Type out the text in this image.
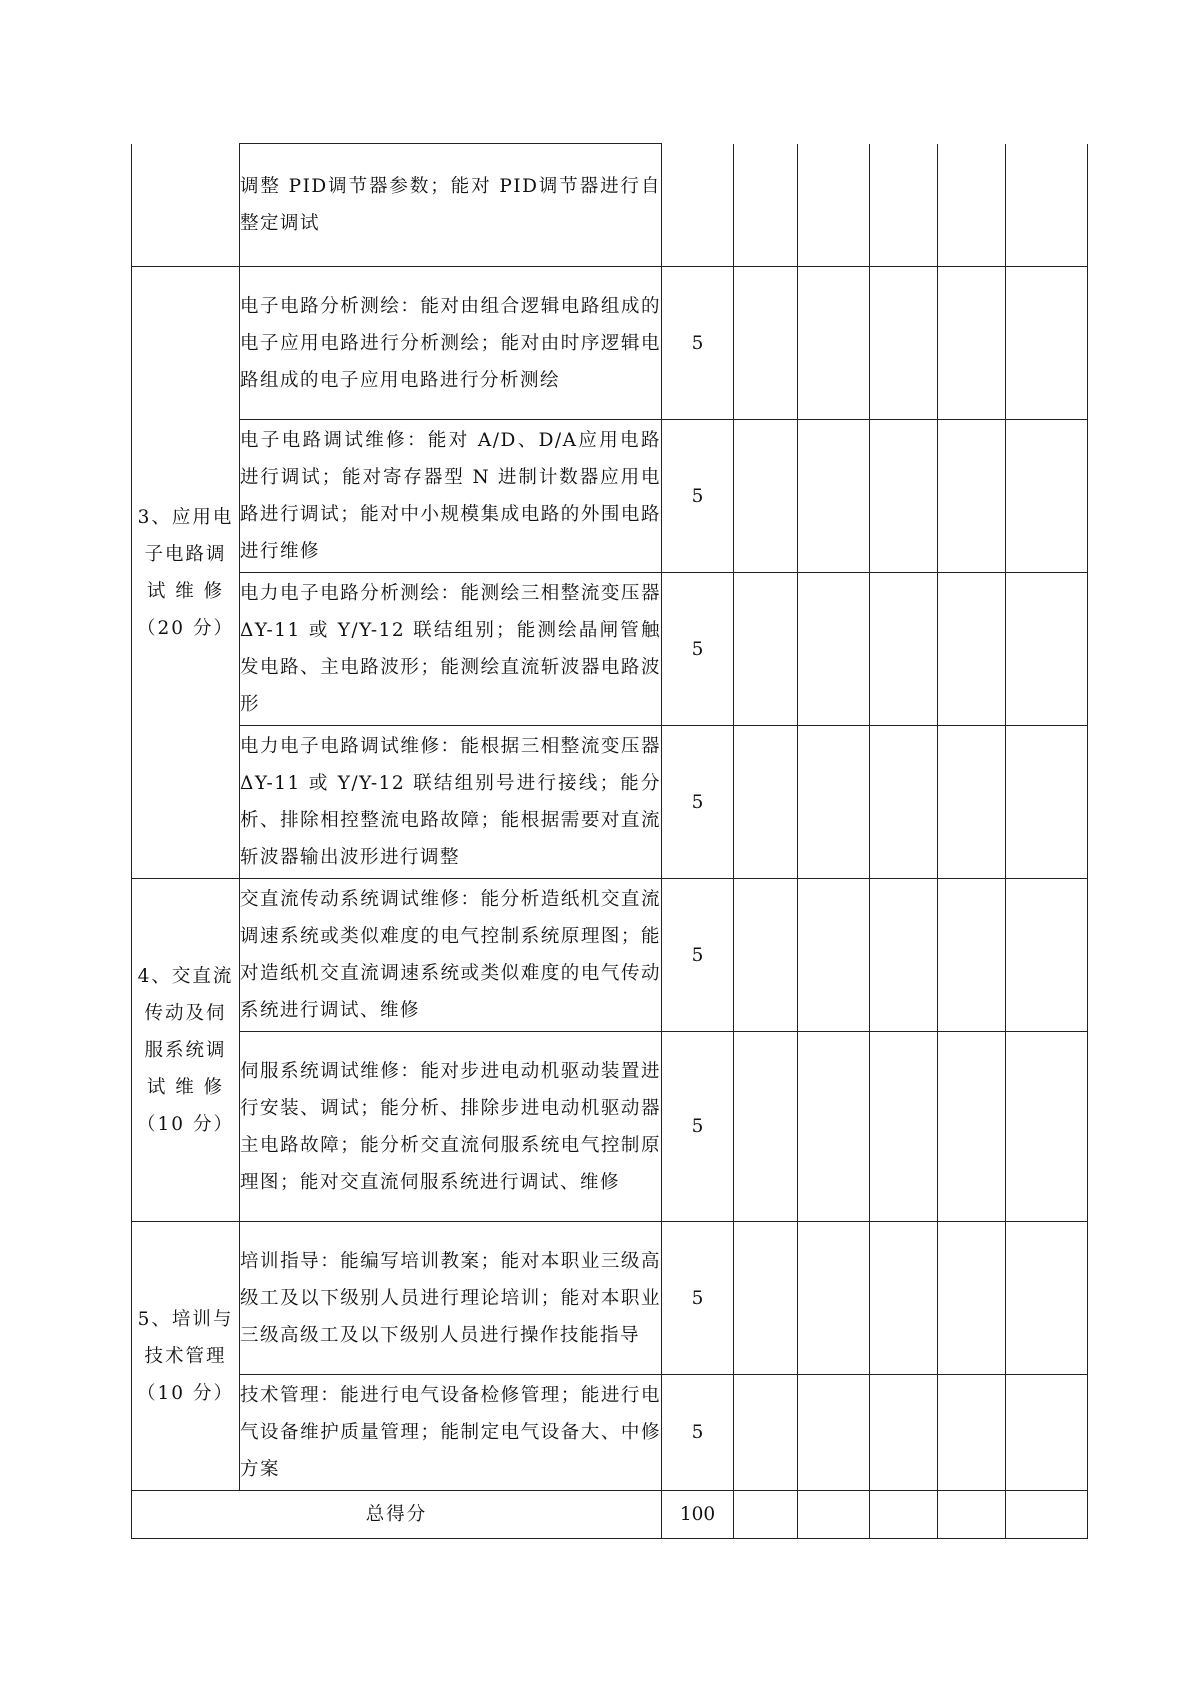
	调整 PID调节器参数；能对 PID调节器进行自整定调试						

3、应用电
子电路调
试 维 修
（20 分）	电子电路分析测绘：能对由组合逻辑电路组成的电子应用电路进行分析测绘；能对由时序逻辑电路组成的电子应用电路进行分析测绘	5					
	电子电路调试维修：能对 A/D、D/A应用电路进行调试；能对寄存器型 N 进制计数器应用电路进行调试；能对中小规模集成电路的外围电路进行维修	5					
	电力电子电路分析测绘：能测绘三相整流变压器ΔY-11 或 Y/Y-12 联结组别；能测绘晶闸管触发电路、主电路波形；能测绘直流斩波器电路波形	5					
	电力电子电路调试维修：能根据三相整流变压器ΔY-11 或 Y/Y-12 联结组别号进行接线；能分析、排除相控整流电路故障；能根据需要对直流斩波器输出波形进行调整	5					

4、交直流
传动及伺
服系统调
试 维 修
（10 分）	交直流传动系统调试维修：能分析造纸机交直流调速系统或类似难度的电气控制系统原理图；能对造纸机交直流调速系统或类似难度的电气传动系统进行调试、维修	5					
	伺服系统调试维修：能对步进电动机驱动装置进行安装、调试；能分析、排除步进电动机驱动器主电路故障；能分析交直流伺服系统电气控制原理图；能对交直流伺服系统进行调试、维修	5					

5、培训与
技术管理
（10 分）	培训指导：能编写培训教案；能对本职业三级高级工及以下级别人员进行理论培训；能对本职业三级高级工及以下级别人员进行操作技能指导	5					
	技术管理：能进行电气设备检修管理；能进行电气设备维护质量管理；能制定电气设备大、中修方案	5					
总得分		100					
